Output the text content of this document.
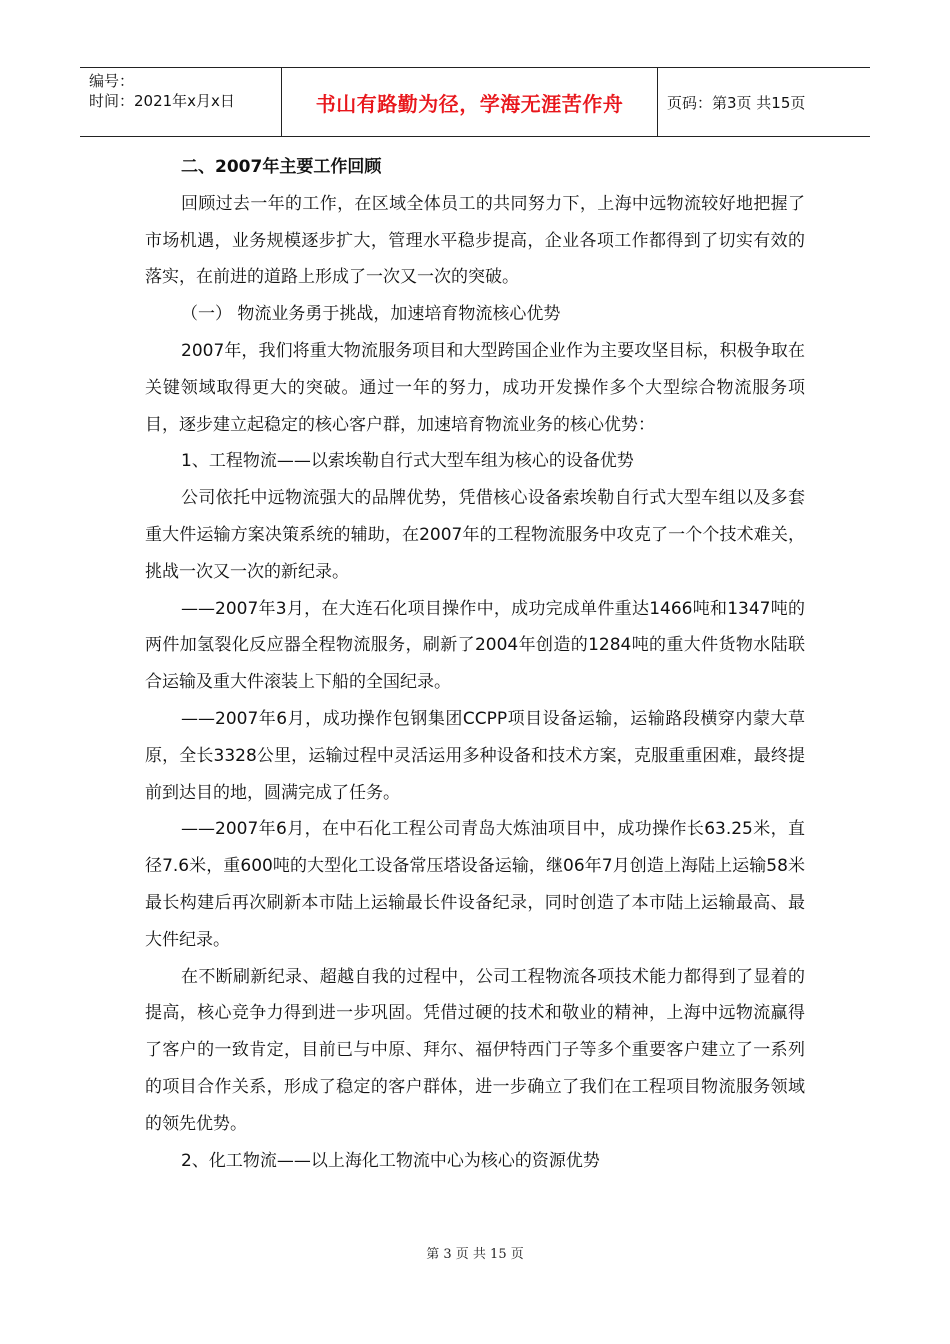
编号：
时间：2021年x月x日	书山有路勤为径，学海无涯苦作舟	页码：第3页 共15页

二、2007年主要工作回顾

回顾过去一年的工作，在区域全体员工的共同努力下，上海中远物流较好地把握了市场机遇，业务规模逐步扩大，管理水平稳步提高，企业各项工作都得到了切实有效的落实，在前进的道路上形成了一次又一次的突破。

（一） 物流业务勇于挑战，加速培育物流核心优势

2007年，我们将重大物流服务项目和大型跨国企业作为主要攻坚目标，积极争取在关键领域取得更大的突破。通过一年的努力，成功开发操作多个大型综合物流服务项目，逐步建立起稳定的核心客户群，加速培育物流业务的核心优势：

1、工程物流——以索埃勒自行式大型车组为核心的设备优势

公司依托中远物流强大的品牌优势，凭借核心设备索埃勒自行式大型车组以及多套重大件运输方案决策系统的辅助，在2007年的工程物流服务中攻克了一个个技术难关，挑战一次又一次的新纪录。

——2007年3月，在大连石化项目操作中，成功完成单件重达1466吨和1347吨的两件加氢裂化反应器全程物流服务，刷新了2004年创造的1284吨的重大件货物水陆联合运输及重大件滚装上下船的全国纪录。

——2007年6月，成功操作包钢集团CCPP项目设备运输，运输路段横穿内蒙大草原，全长3328公里，运输过程中灵活运用多种设备和技术方案，克服重重困难，最终提前到达目的地，圆满完成了任务。

——2007年6月，在中石化工程公司青岛大炼油项目中，成功操作长63.25米，直径7.6米，重600吨的大型化工设备常压塔设备运输，继06年7月创造上海陆上运输58米最长构建后再次刷新本市陆上运输最长件设备纪录，同时创造了本市陆上运输最高、最大件纪录。

在不断刷新纪录、超越自我的过程中，公司工程物流各项技术能力都得到了显着的提高，核心竞争力得到进一步巩固。凭借过硬的技术和敬业的精神，上海中远物流赢得了客户的一致肯定，目前已与中原、拜尔、福伊特西门子等多个重要客户建立了一系列的项目合作关系，形成了稳定的客户群体，进一步确立了我们在工程项目物流服务领域的领先优势。

2、化工物流——以上海化工物流中心为核心的资源优势

第 3 页 共 15 页
